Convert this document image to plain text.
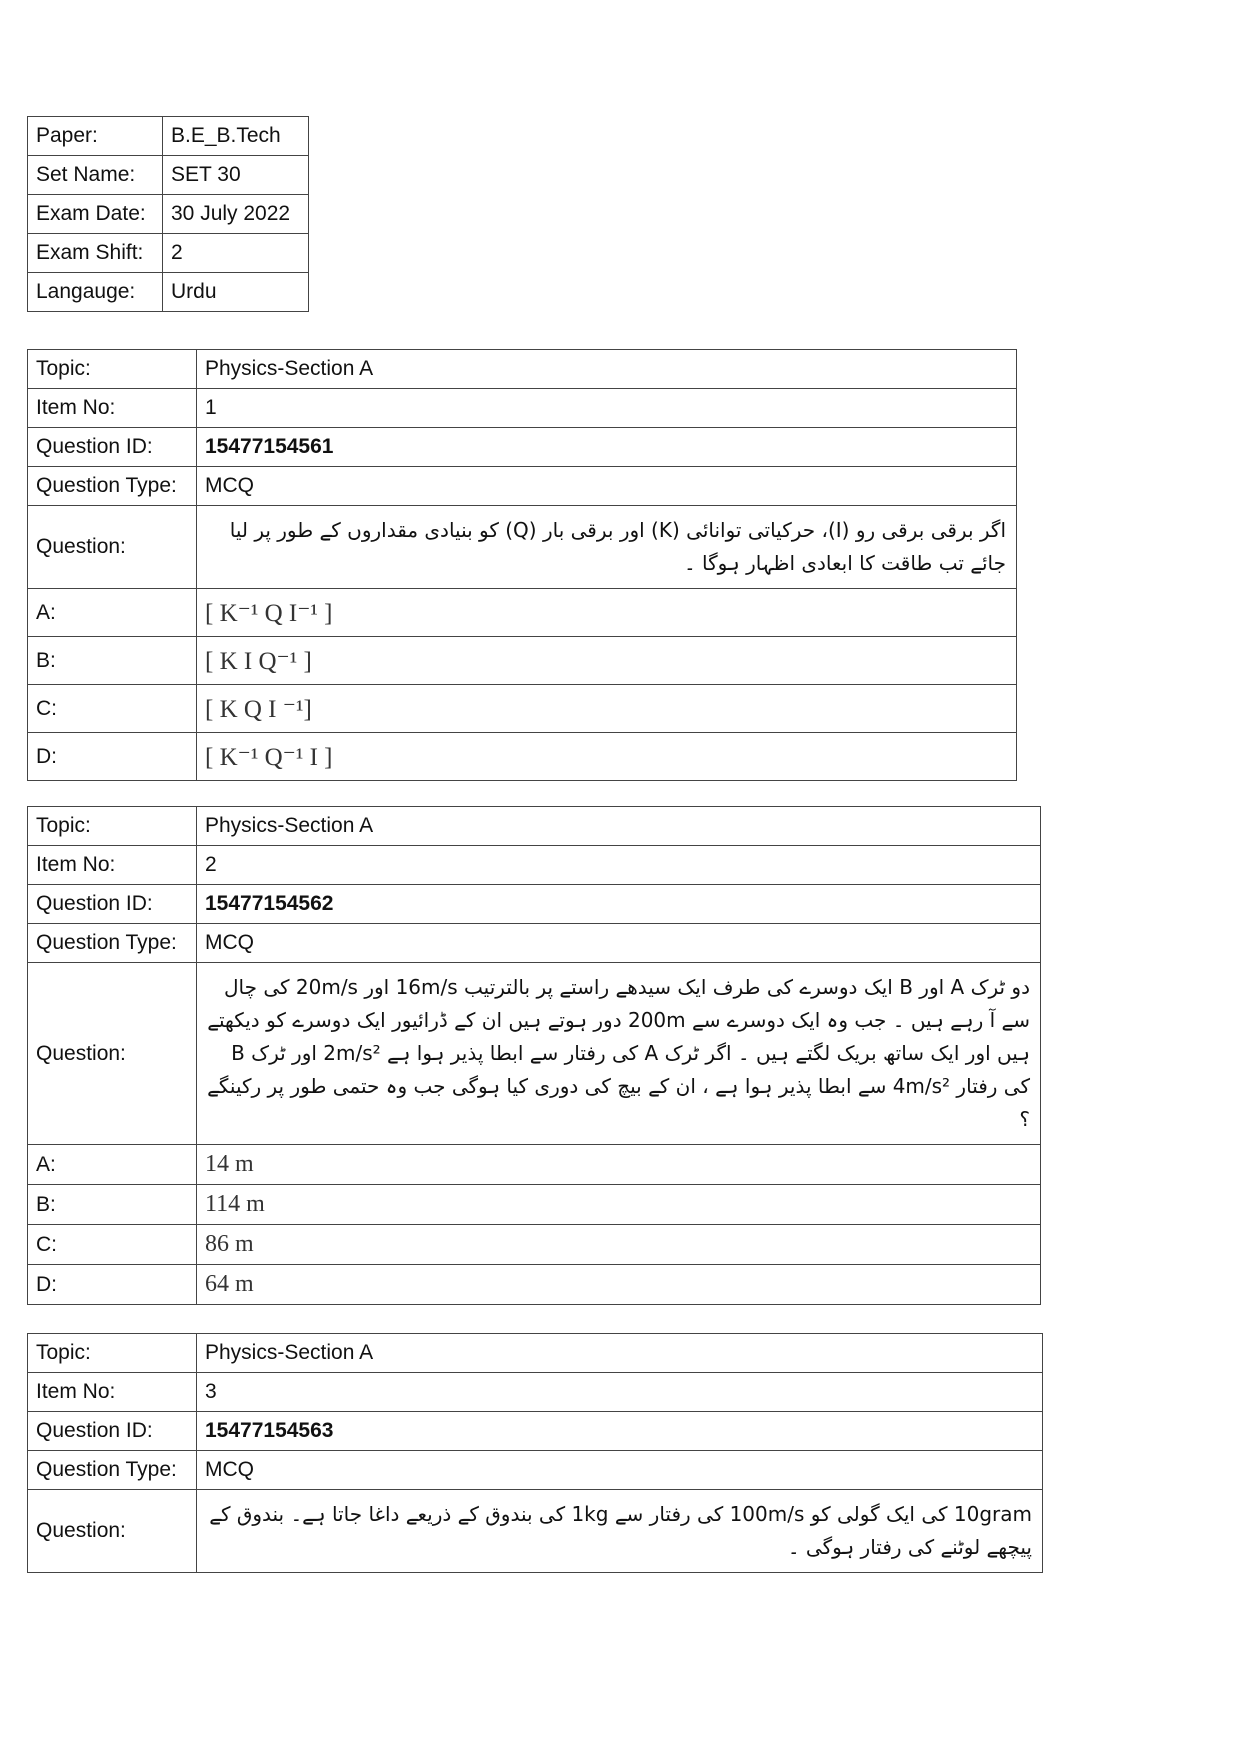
Paper:	B.E_B.Tech
Set Name:	SET 30
Exam Date:	30 July 2022
Exam Shift:	2
Langauge:	Urdu
Topic:	Physics-Section A
Item No:	1
Question ID:	15477154561
Question Type:	MCQ
Question:	اگر برقی برقی رو (I)، حرکیاتی توانائی (K) اور برقی بار (Q) کو بنیادی مقداروں کے طور پر لیا جائے تب طاقت کا ابعادی اظہار ہوگا ۔
A:	[ K⁻¹ Q I⁻¹ ]
B:	[ K I Q⁻¹ ]
C:	[ K Q I ⁻¹]
D:	[ K⁻¹ Q⁻¹ I ]
Topic:	Physics-Section A
Item No:	2
Question ID:	15477154562
Question Type:	MCQ
Question:	دو ٹرک A اور B ایک دوسرے کی طرف ایک سیدھے راستے پر بالترتیب 16m/s اور 20m/s کی چال سے آ رہے ہیں ۔ جب وہ ایک دوسرے سے 200m دور ہوتے ہیں ان کے ڈرائیور ایک دوسرے کو دیکھتے ہیں اور ایک ساتھ بریک لگتے ہیں ۔ اگر ٹرک A کی رفتار سے ابطا پذیر ہوا ہے 2m/s² اور ٹرک B کی رفتار 4m/s² سے ابطا پذیر ہوا ہے ، ان کے بیچ کی دوری کیا ہوگی جب وہ حتمی طور پر رکینگے ؟
A:	14 m
B:	114 m
C:	86 m
D:	64 m
Topic:	Physics-Section A
Item No:	3
Question ID:	15477154563
Question Type:	MCQ
Question:	10gram کی ایک گولی کو 100m/s کی رفتار سے 1kg کی بندوق کے ذریعے داغا جاتا ہے۔ بندوق کے پیچھے لوٹنے کی رفتار ہوگی ۔
